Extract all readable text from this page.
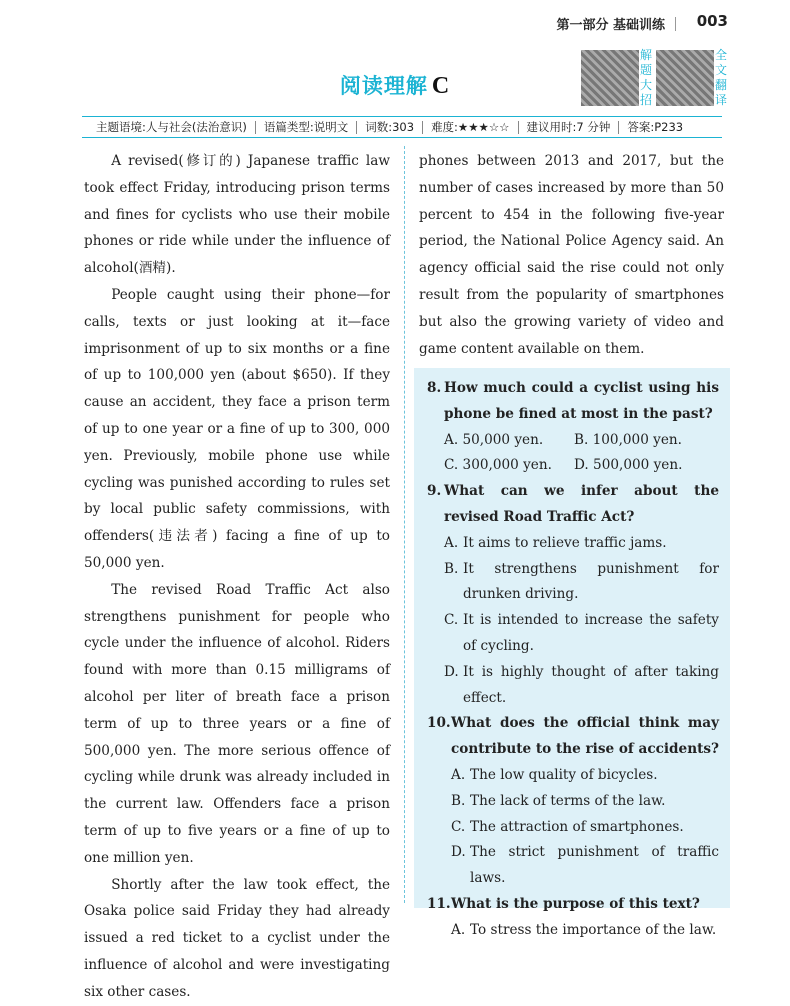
第一部分 基础训练	003
阅读理解 C
解题大招
全文翻译
主题语境:人与社会(法治意识)	语篇类型:说明文	词数:303	难度:★★★☆☆	建议用时:7 分钟	答案:P233

A revised(修订的) Japanese traffic law took effect Friday, introducing prison terms and fines for cyclists who use their mobile phones or ride while under the influence of alcohol(酒精).

People caught using their phone—for calls, texts or just looking at it—face imprisonment of up to six months or a fine of up to 100,000 yen (about $650). If they cause an accident, they face a prison term of up to one year or a fine of up to 300, 000 yen. Previously, mobile phone use while cycling was punished according to rules set by local public safety commissions, with offenders(违法者) facing a fine of up to 50,000 yen.

The revised Road Traffic Act also strengthens punishment for people who cycle under the influence of alcohol. Riders found with more than 0.15 milligrams of alcohol per liter of breath face a prison term of up to three years or a fine of 500,000 yen. The more serious offence of cycling while drunk was already included in the current law. Offenders face a prison term of up to five years or a fine of up to one million yen.

Shortly after the law took effect, the Osaka police said Friday they had already issued a red ticket to a cyclist under the influence of alcohol and were investigating six other cases.

phones between 2013 and 2017, but the number of cases increased by more than 50 percent to 454 in the following five-year period, the National Police Agency said. An agency official said the rise could not only result from the popularity of smartphones but also the growing variety of video and game content available on them.

8. How much could a cyclist using his phone be fined at most in the past?
A. 50,000 yen.	B. 100,000 yen.
C. 300,000 yen.	D. 500,000 yen.
9. What can we infer about the revised Road Traffic Act?
A. It aims to relieve traffic jams.
B. It strengthens punishment for drunken driving.
C. It is intended to increase the safety of cycling.
D. It is highly thought of after taking effect.
10. What does the official think may contribute to the rise of accidents?
A. The low quality of bicycles.
B. The lack of terms of the law.
C. The attraction of smartphones.
D. The strict punishment of traffic laws.
11. What is the purpose of this text?
A. To stress the importance of the law.
